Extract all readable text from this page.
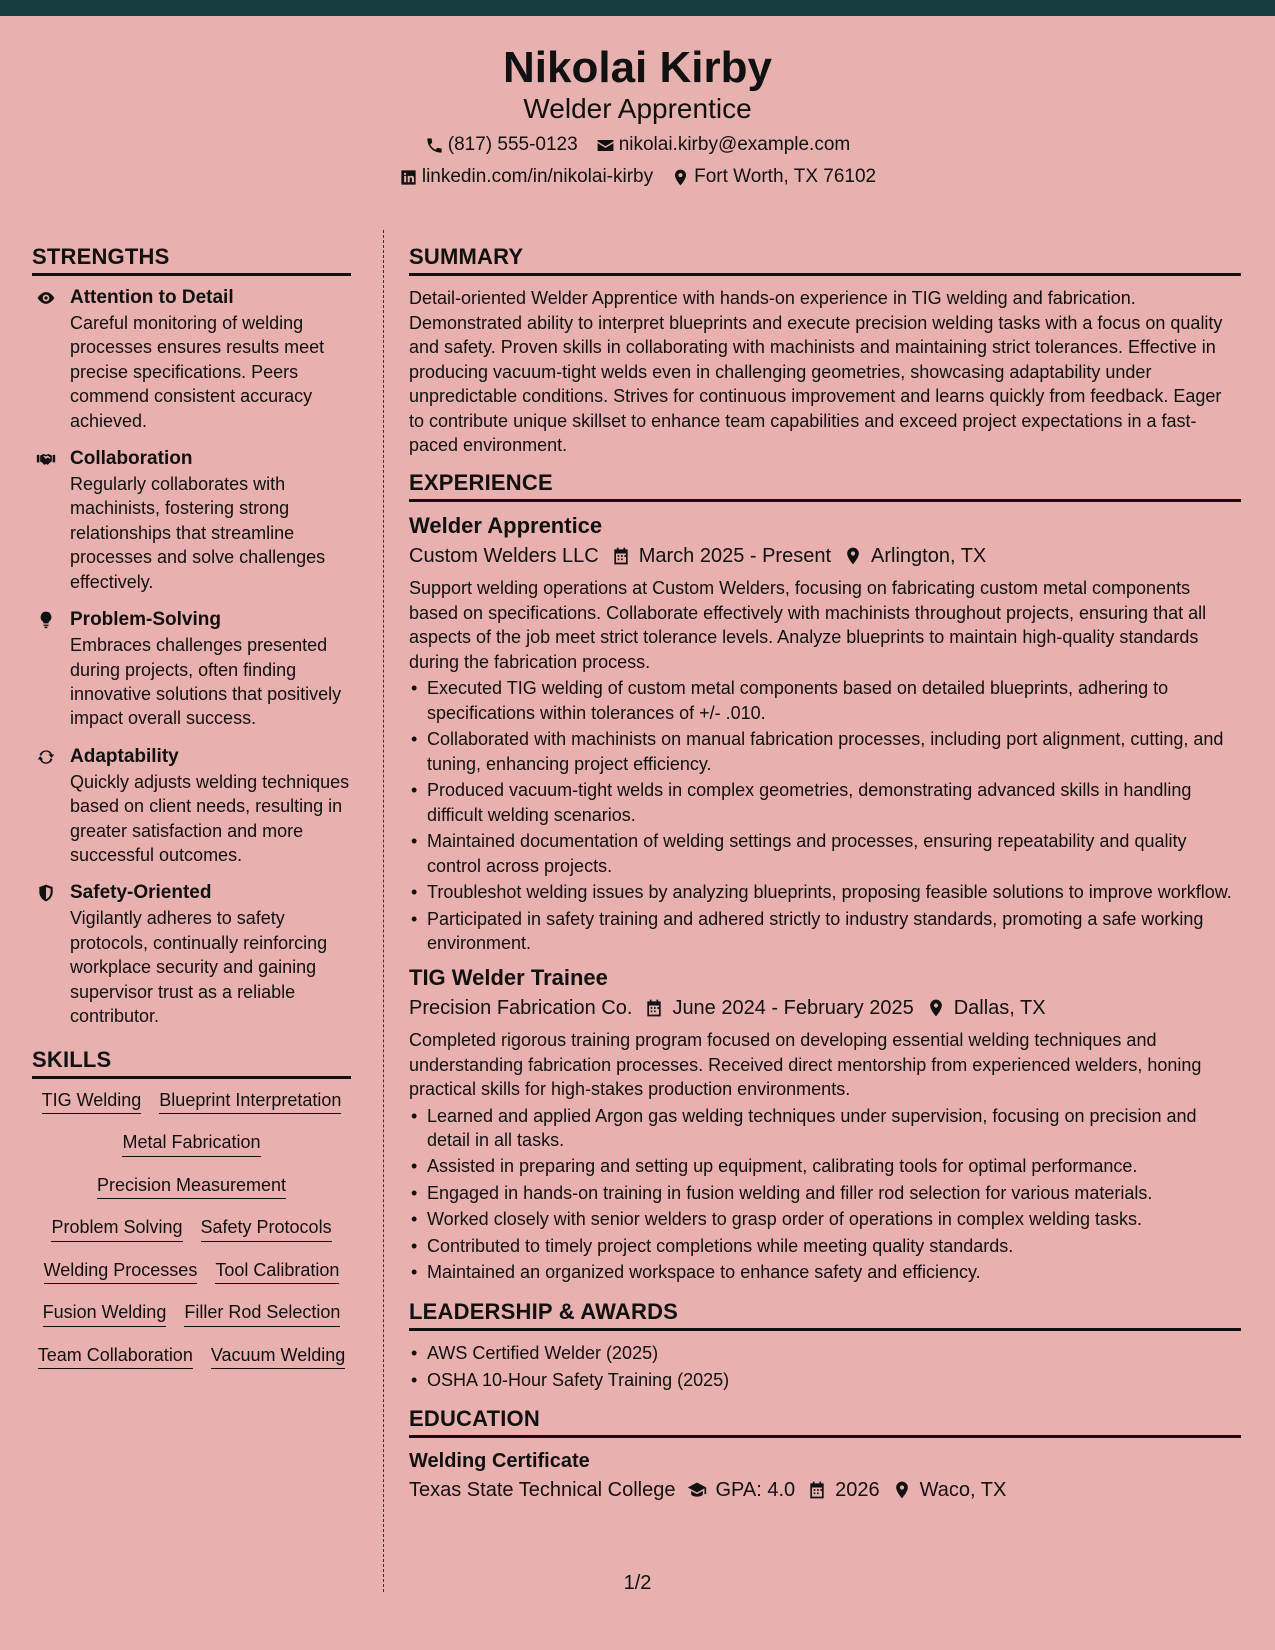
Nikolai Kirby
Welder Apprentice
(817) 555-0123 nikolai.kirby@example.com
linkedin.com/in/nikolai-kirby Fort Worth, TX 76102
STRENGTHS
Attention to Detail
Careful monitoring of welding processes ensures results meet precise specifications. Peers commend consistent accuracy achieved.
Collaboration
Regularly collaborates with machinists, fostering strong relationships that streamline processes and solve challenges effectively.
Problem-Solving
Embraces challenges presented during projects, often finding innovative solutions that positively impact overall success.
Adaptability
Quickly adjusts welding techniques based on client needs, resulting in greater satisfaction and more successful outcomes.
Safety-Oriented
Vigilantly adheres to safety protocols, continually reinforcing workplace security and gaining supervisor trust as a reliable contributor.
SKILLS
TIG Welding Blueprint Interpretation
Metal Fabrication
Precision Measurement
Problem Solving Safety Protocols
Welding Processes Tool Calibration
Fusion Welding Filler Rod Selection
Team Collaboration Vacuum Welding
SUMMARY

Detail-oriented Welder Apprentice with hands-on experience in TIG welding and fabrication. Demonstrated ability to interpret blueprints and execute precision welding tasks with a focus on quality and safety. Proven skills in collaborating with machinists and maintaining strict tolerances. Effective in producing vacuum-tight welds even in challenging geometries, showcasing adaptability under unpredictable conditions. Strives for continuous improvement and learns quickly from feedback. Eager to contribute unique skillset to enhance team capabilities and exceed project expectations in a fast-paced environment.

EXPERIENCE
Welder Apprentice
Custom Welders LLC March 2025 - Present Arlington, TX

Support welding operations at Custom Welders, focusing on fabricating custom metal components based on specifications. Collaborate effectively with machinists throughout projects, ensuring that all aspects of the job meet strict tolerance levels. Analyze blueprints to maintain high-quality standards during the fabrication process.

• Executed TIG welding of custom metal components based on detailed blueprints, adhering to specifications within tolerances of +/- .010.
• Collaborated with machinists on manual fabrication processes, including port alignment, cutting, and tuning, enhancing project efficiency.
• Produced vacuum-tight welds in complex geometries, demonstrating advanced skills in handling difficult welding scenarios.
• Maintained documentation of welding settings and processes, ensuring repeatability and quality control across projects.
• Troubleshot welding issues by analyzing blueprints, proposing feasible solutions to improve workflow.
• Participated in safety training and adhered strictly to industry standards, promoting a safe working environment.
TIG Welder Trainee
Precision Fabrication Co. June 2024 - February 2025 Dallas, TX

Completed rigorous training program focused on developing essential welding techniques and understanding fabrication processes. Received direct mentorship from experienced welders, honing practical skills for high-stakes production environments.

• Learned and applied Argon gas welding techniques under supervision, focusing on precision and detail in all tasks.
• Assisted in preparing and setting up equipment, calibrating tools for optimal performance.
• Engaged in hands-on training in fusion welding and filler rod selection for various materials.
• Worked closely with senior welders to grasp order of operations in complex welding tasks.
• Contributed to timely project completions while meeting quality standards.
• Maintained an organized workspace to enhance safety and efficiency.
LEADERSHIP & AWARDS
• AWS Certified Welder (2025)
• OSHA 10-Hour Safety Training (2025)
EDUCATION
Welding Certificate
Texas State Technical College GPA: 4.0 2026 Waco, TX
1/2
